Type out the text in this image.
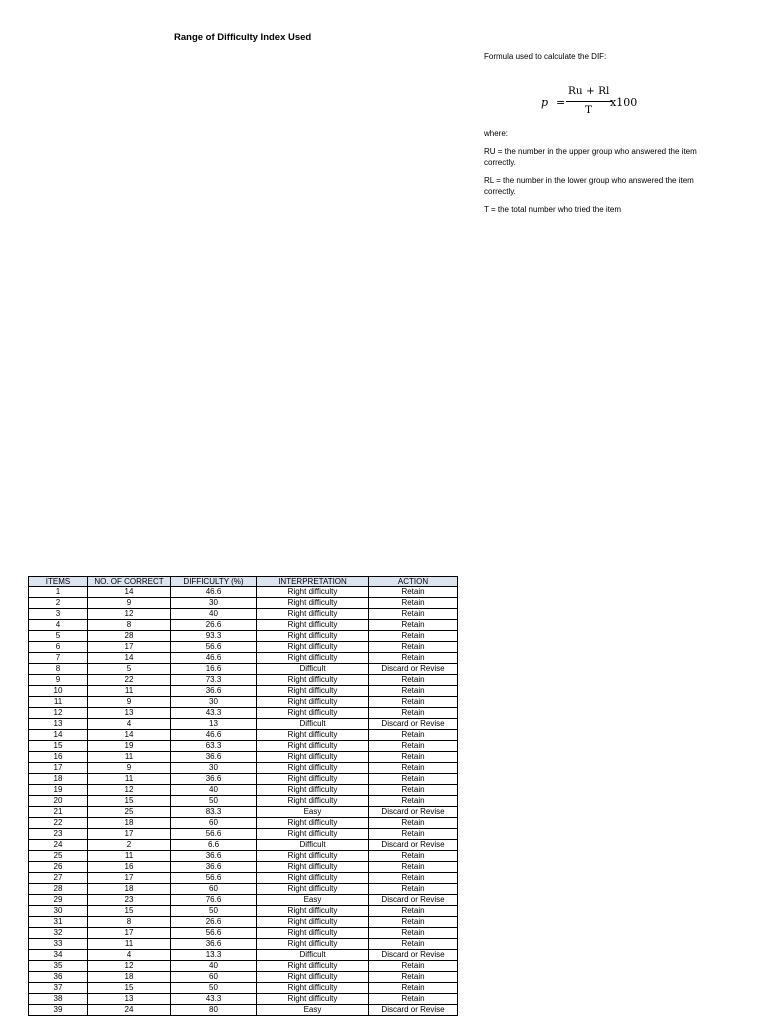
Range of Difficulty Index Used

Formula used to calculate the DIF:

p =
Ru + Rl
T
x100

where:

RU = the number in the upper group who answered the item correctly.

RL = the number in the lower group who answered the item correctly.

T = the total number who tried the item

ITEMS	NO. OF CORRECT	DIFFICULTY (%)	INTERPRETATION	ACTION
1	14	46.6	Right difficulty	Retain
2	9	30	Right difficulty	Retain
3	12	40	Right difficulty	Retain
4	8	26.6	Right difficulty	Retain
5	28	93.3	Right difficulty	Retain
6	17	56.6	Right difficulty	Retain
7	14	46.6	Right difficulty	Retain
8	5	16.6	Difficult	Discard or Revise
9	22	73.3	Right difficulty	Retain
10	11	36.6	Right difficulty	Retain
11	9	30	Right difficulty	Retain
12	13	43.3	Right difficulty	Retain
13	4	13	Difficult	Discard or Revise
14	14	46.6	Right difficulty	Retain
15	19	63.3	Right difficulty	Retain
16	11	36.6	Right difficulty	Retain
17	9	30	Right difficulty	Retain
18	11	36.6	Right difficulty	Retain
19	12	40	Right difficulty	Retain
20	15	50	Right difficulty	Retain
21	25	83.3	Easy	Discard or Revise
22	18	60	Right difficulty	Retain
23	17	56.6	Right difficulty	Retain
24	2	6.6	Difficult	Discard or Revise
25	11	36.6	Right difficulty	Retain
26	16	36.6	Right difficulty	Retain
27	17	56.6	Right difficulty	Retain
28	18	60	Right difficulty	Retain
29	23	76.6	Easy	Discard or Revise
30	15	50	Right difficulty	Retain
31	8	26.6	Right difficulty	Retain
32	17	56.6	Right difficulty	Retain
33	11	36.6	Right difficulty	Retain
34	4	13.3	Difficult	Discard or Revise
35	12	40	Right difficulty	Retain
36	18	60	Right difficulty	Retain
37	15	50	Right difficulty	Retain
38	13	43.3	Right difficulty	Retain
39	24	80	Easy	Discard or Revise
